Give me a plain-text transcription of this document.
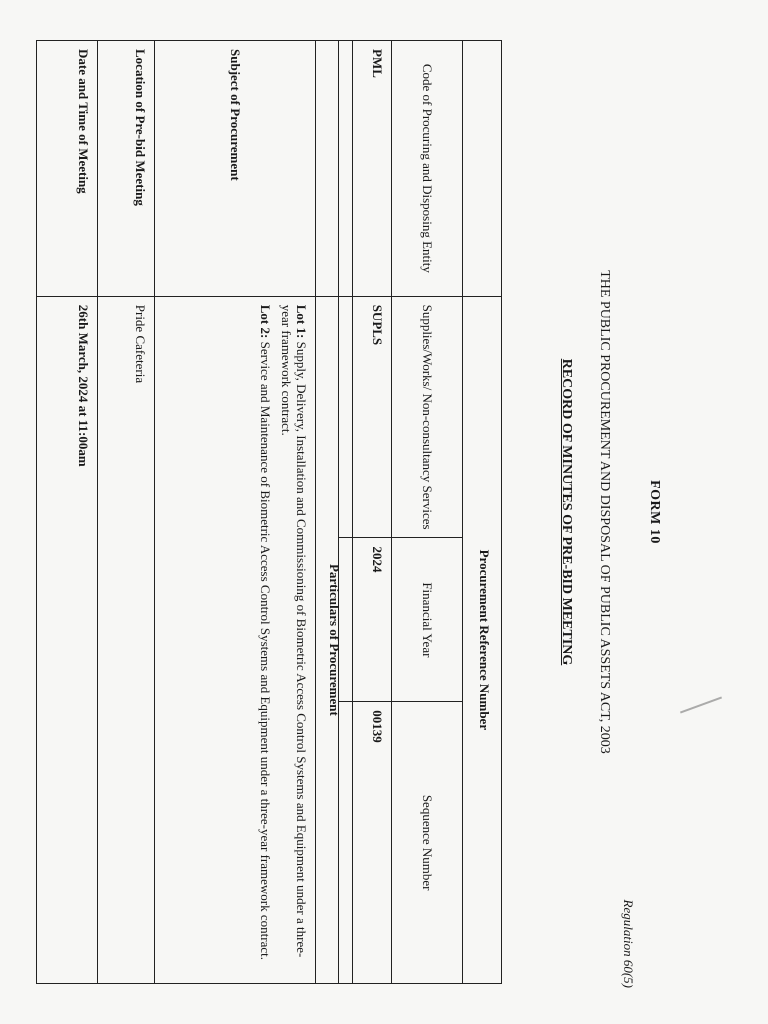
Regulation 60(5)
FORM 10
THE PUBLIC PROCUREMENT AND DISPOSAL OF PUBLIC ASSETS ACT, 2003
RECORD OF MINUTES OF PRE-BID MEETING
	Procurement Reference Number		
Code of Procuring and Disposing Entity	Supplies/Works/ Non-consultancy Services	Financial Year	Sequence Number
PML	SUPLS	2024	00139
	Particulars of Procurement
Subject of Procurement	Lot 1: Supply, Delivery, Installation and Commissioning of Biometric Access Control Systems and Equipment under a three-year framework contract.
Lot 2: Service and Maintenance of Biometric Access Control Systems and Equipment under a three-year framework contract.

Location of Pre-bid Meeting	Pride Cafeteria
Date and Time of Meeting	26th March, 2024 at 11:00am
